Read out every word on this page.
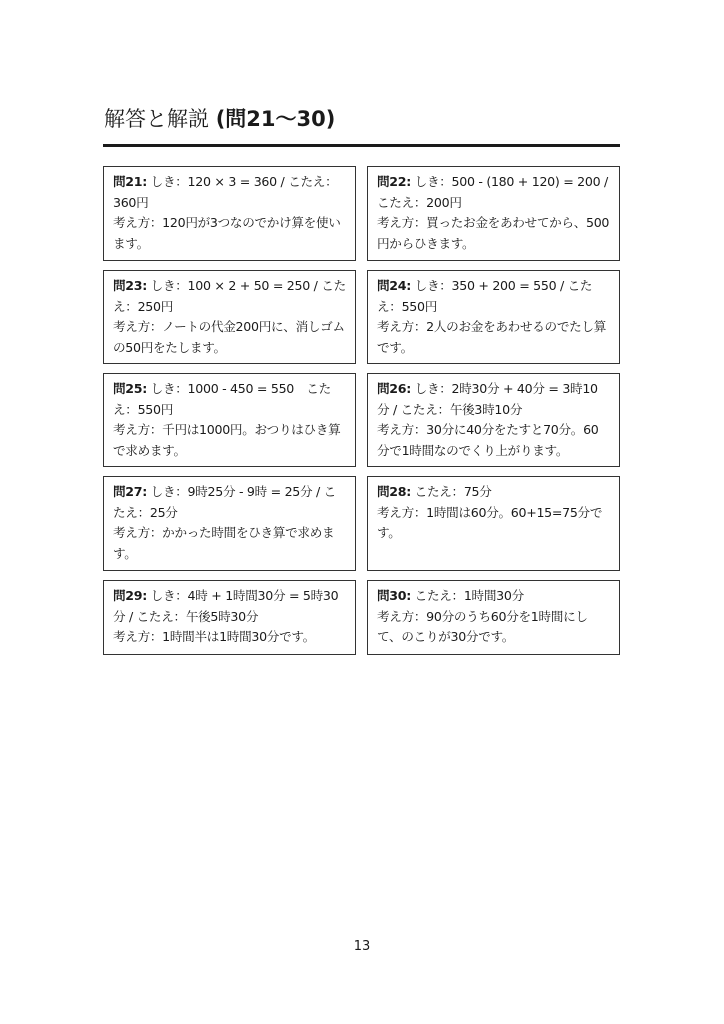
解答と解説 (問21〜30)
問21: しき：120 × 3 = 360 / こたえ：360円
考え方：120円が3つなのでかけ算を使います。
問22: しき：500 - (180 + 120) = 200 / こたえ：200円
考え方：買ったお金をあわせてから、500円からひきます。
問23: しき：100 × 2 + 50 = 250 / こたえ：250円
考え方：ノートの代金200円に、消しゴムの50円をたします。
問24: しき：350 + 200 = 550 / こたえ：550円
考え方：2人のお金をあわせるのでたし算です。
問25: しき：1000 - 450 = 550　こたえ：550円
考え方：千円は1000円。おつりはひき算で求めます。
問26: しき：2時30分 + 40分 = 3時10分 / こたえ：午後3時10分
考え方：30分に40分をたすと70分。60分で1時間なのでくり上がります。
問27: しき：9時25分 - 9時 = 25分 / こたえ：25分
考え方：かかった時間をひき算で求めます。
問28: こたえ：75分
考え方：1時間は60分。60+15=75分です。
問29: しき：4時 + 1時間30分 = 5時30分 / こたえ：午後5時30分
考え方：1時間半は1時間30分です。
問30: こたえ：1時間30分
考え方：90分のうち60分を1時間にして、のこりが30分です。
13
